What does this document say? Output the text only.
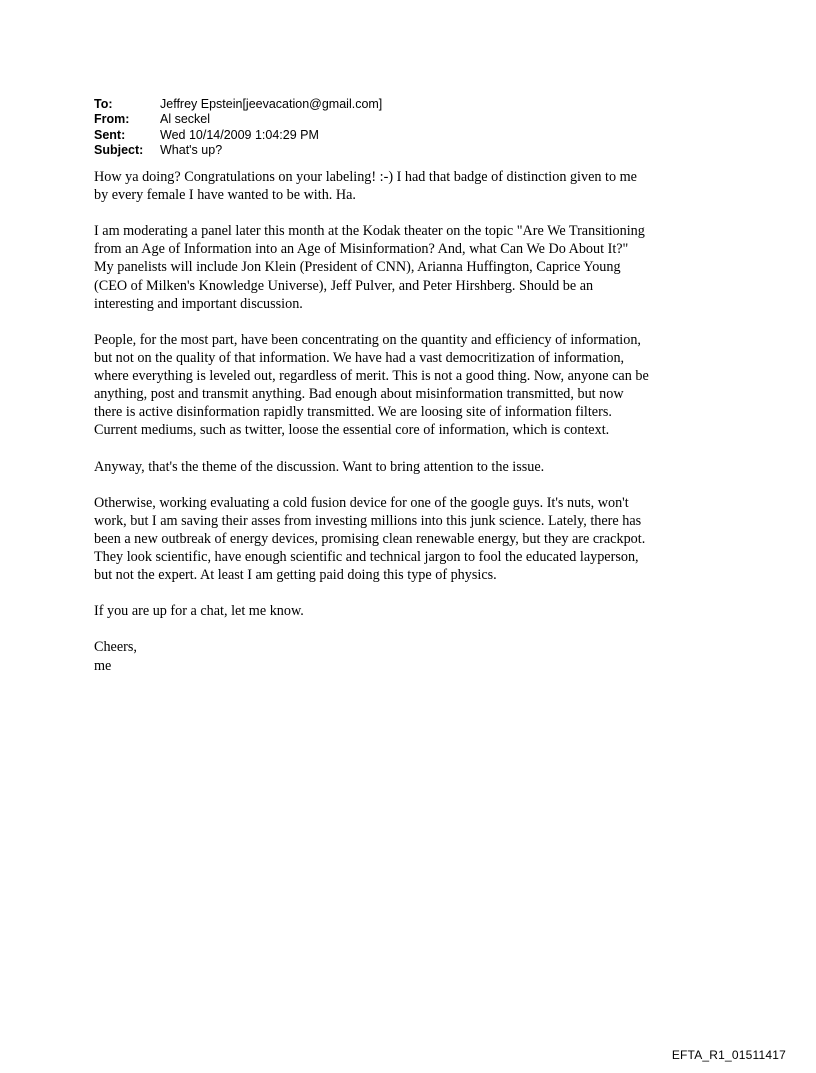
To:	Jeffrey Epstein[jeevacation@gmail.com]
From:	Al seckel
Sent:	Wed 10/14/2009 1:04:29 PM
Subject:	What's up?

How ya doing? Congratulations on your labeling! :-) I had that badge of distinction given to me
by every female I have wanted to be with. Ha.

I am moderating a panel later this month at the Kodak theater on the topic "Are We Transitioning
from an Age of Information into an Age of Misinformation? And, what Can We Do About It?"
My panelists will include Jon Klein (President of CNN), Arianna Huffington, Caprice Young
(CEO of Milken's Knowledge Universe), Jeff Pulver, and Peter Hirshberg. Should be an
interesting and important discussion.

People, for the most part, have been concentrating on the quantity and efficiency of information,
but not on the quality of that information. We have had a vast democritization of information,
where everything is leveled out, regardless of merit. This is not a good thing. Now, anyone can be
anything, post and transmit anything. Bad enough about misinformation transmitted, but now
there is active disinformation rapidly transmitted. We are loosing site of information filters.
Current mediums, such as twitter, loose the essential core of information, which is context.

Anyway, that's the theme of the discussion. Want to bring attention to the issue.

Otherwise, working evaluating a cold fusion device for one of the google guys. It's nuts, won't
work, but I am saving their asses from investing millions into this junk science. Lately, there has
been a new outbreak of energy devices, promising clean renewable energy, but they are crackpot.
They look scientific, have enough scientific and technical jargon to fool the educated layperson,
but not the expert. At least I am getting paid doing this type of physics.

If you are up for a chat, let me know.

Cheers,
me

EFTA_R1_01511417
